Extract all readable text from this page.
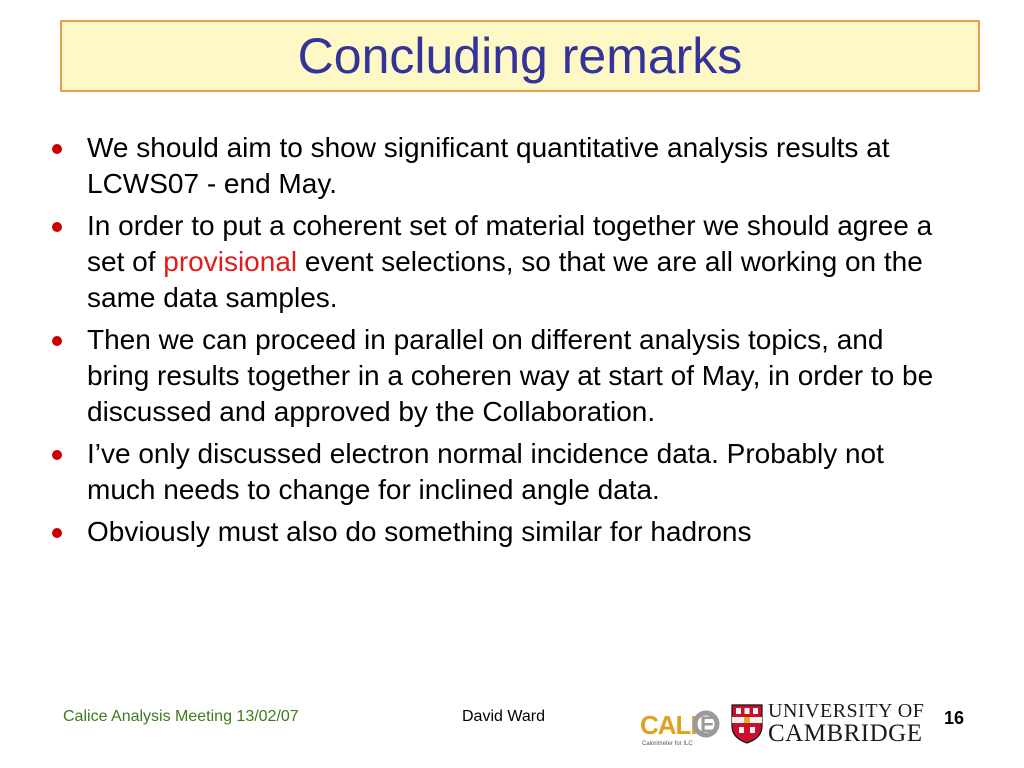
Concluding remarks
We should aim to show significant quantitative analysis results at LCWS07 - end May.
In order to put a coherent set of material together we should agree a set of provisional event selections, so that we are all working on the same data samples.
Then we can proceed in parallel on different analysis topics, and bring results together in a coheren way at start of May, in order to be discussed and approved by the Collaboration.
I’ve only discussed electron normal incidence data. Probably not much needs to change for inclined angle data.
Obviously must also do something similar for hadrons
Calice Analysis Meeting 13/02/07	David Ward	CALI E
Calorimeter for ILC
UNIVERSITY OF
CAMBRIDGE
16
